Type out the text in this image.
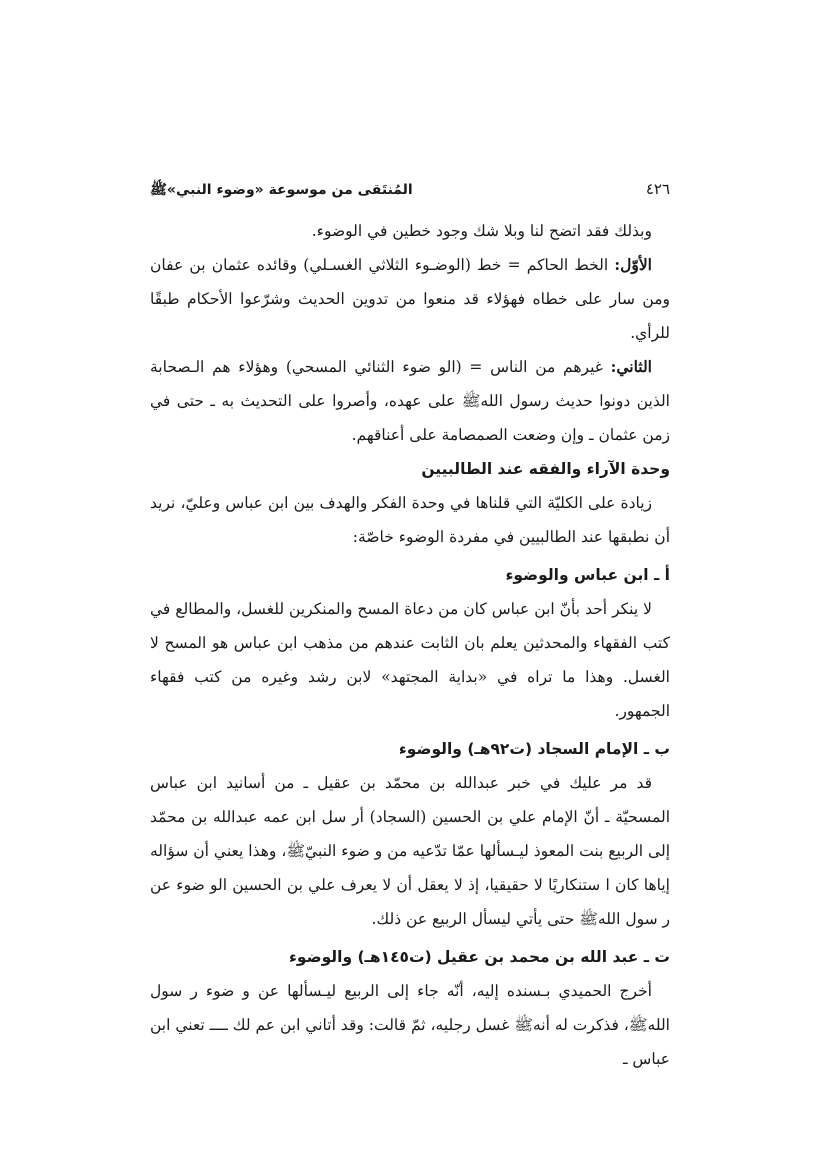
٤٢٦
المُنتَقى من موسوعة «وضوء النبي»ﷺ

وبذلك فقد اتضح لنا وبلا شك وجود خطين في الوضوء.

الأوّل: الخط الحاكم = خط (الوضـوء الثلاثي الغسـلي) وقائده عثمان بن عفان ومن سار على خطاه فهؤلاء قد منعوا من تدوين الحديث وشرّعوا الأحكام طبقًا للرأي.

الثاني: غيرهم من الناس = (الو ضوء الثنائي المسحي) وهؤلاء هم الـصحابة الذين دونوا حديث رسول اللهﷺ على عهده، وأصروا على التحديث به ـ حتى في زمن عثمان ـ وإن وضعت الصمصامة على أعناقهم.

وحدة الآراء والفقه عند الطالبيين

زيادة على الكليّة التي قلناها في وحدة الفكر والهدف بين ابن عباس وعليّ، نريد أن نطبقها عند الطالبيين في مفردة الوضوء خاصّة:

أ ـ ابن عباس والوضوء

لا ينكر أحد بأنّ ابن عباس كان من دعاة المسح والمنكرين للغسل، والمطالع في كتب الفقهاء والمحدثين يعلم بان الثابت عندهم من مذهب ابن عباس هو المسح لا الغسل. وهذا ما تراه في «بداية المجتهد» لابن رشد وغيره من كتب فقهاء الجمهور.

ب ـ الإمام السجاد (ت٩٢هـ) والوضوء

قد مر عليك في خبر عبدالله بن محمّد بن عقيل ـ من أسانيد ابن عباس المسحيّة ـ أنّ الإمام علي بن الحسين (السجاد) أر سل ابن عمه عبدالله بن محمّد إلى الربيع بنت المعوذ ليـسألها عمّا تدّعيه من و ضوء النبيّﷺ، وهذا يعني أن سؤاله إياها كان ا ستنكاريًا لا حقيقيا، إذ لا يعقل أن لا يعرف علي بن الحسين الو ضوء عن ر سول اللهﷺ حتى يأتي ليسأل الربيع عن ذلك.

ت ـ عبد الله بن محمد بن عقيل (ت١٤٥هـ) والوضوء

أخرج الحميدي بـسنده إليه، أنّه جاء إلى الربيع ليـسألها عن و ضوء ر سول اللهﷺ، فذكرت له أنهﷺ غسل رجليه، ثمّ قالت: وقد أتاني ابن عم لك ــــ تعني ابن عباس ـ
